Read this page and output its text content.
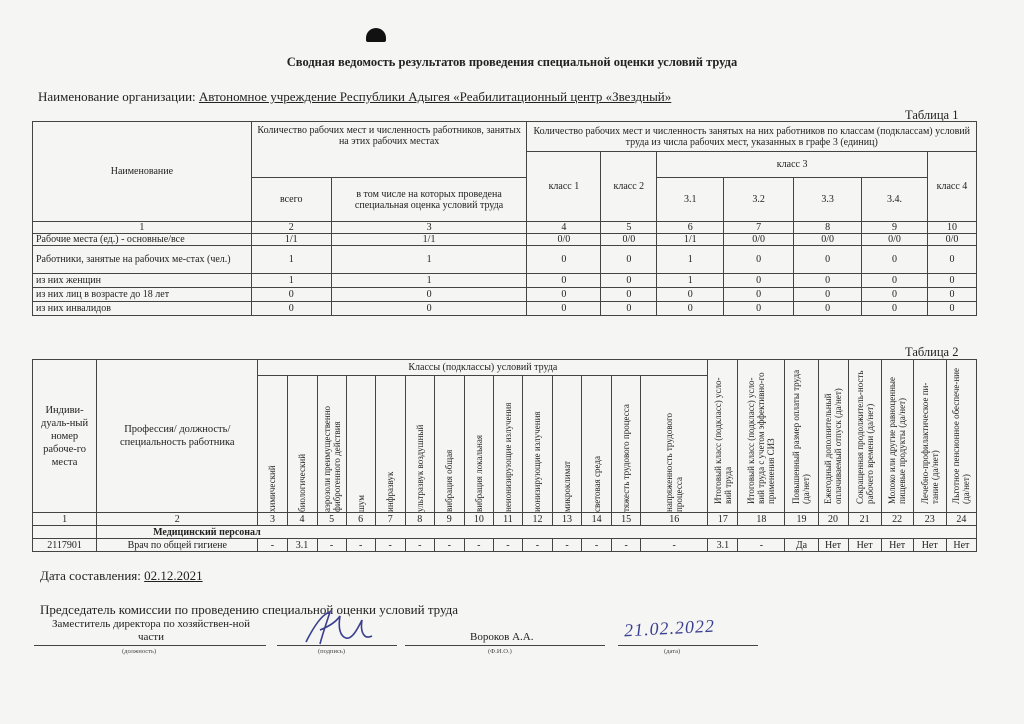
Сводная ведомость результатов проведения специальной оценки условий труда
Наименование организации: Автономное учреждение Республики Адыгея «Реабилитационный центр «Звездный»
Таблица 1
Наименование	Количество рабочих мест и численность работников, занятых на этих рабочих местах		Количество рабочих мест и численность занятых на них работников по классам (подклассам) условий труда из числа рабочих мест, указанных в графе 3 (единиц)						
			класс 1	класс 2	класс 3				класс 4
	всего	в том числе на которых проведена специальная оценка условий труда			3.1	3.2	3.3	3.4.	
1	2	3	4	5	6	7	8	9	10
Рабочие места (ед.) - основные/все	1/1	1/1	0/0	0/0	1/1	0/0	0/0	0/0	0/0
Работники, занятые на рабочих ме-стах (чел.)	1	1	0	0	1	0	0	0	0
из них женщин	1	1	0	0	1	0	0	0	0
из них лиц в возрасте до 18 лет	0	0	0	0	0	0	0	0	0
из них инвалидов	0	0	0	0	0	0	0	0	0
Таблица 2
Индиви-дуаль-ный номер рабоче-го места	Профессия/ должность/ специальность работника	Классы (подклассы) условий труда														Итоговый класс (подкласс) усло-вий труда	Итоговый класс (подкласс) усло-вий труда с учетом эффективно-го применения СИЗ	Повышенный размер оплаты труда (да/нет)	Ежегодный дополнительный оплачиваемый отпуск (да/нет)	Сокращенная продолжитель-ность рабочего времени (да/нет)	Молоко или другие равноценные пищевые продукты (да/нет)	Лечебно-профилактическое пи-тание (да/нет)	Льготное пенсионное обеспече-ние (да/нет)

		химический	биологический	аэрозоли преимущественно фиброгенного действия	шум	инфразвук	ультразвук воздушный	вибрация общая	вибрация локальная	неионизирующие излучения	ионизирующие излучения	микроклимат	световая среда	тяжесть трудового процесса	напряженность трудового процесса								

1	2	3	4	5	6	7	8	9	10	11	12	13	14	15	16	17	18	19	20	21	22	23	24
	Медицинский персонал																						
2117901	Врач по общей гигиене	-	3.1	-	-	-	-	-	-	-	-	-	-	-	-	3.1	-	Да	Нет	Нет	Нет	Нет	Нет
Дата составления: 02.12.2021
Председатель комиссии по проведению специальной оценки условий труда
Заместитель директора по хозяйствен-ной части
(должность)	(подпись)
Вороков А.А.
(Ф.И.О.)
21.02.2022
(дата)
